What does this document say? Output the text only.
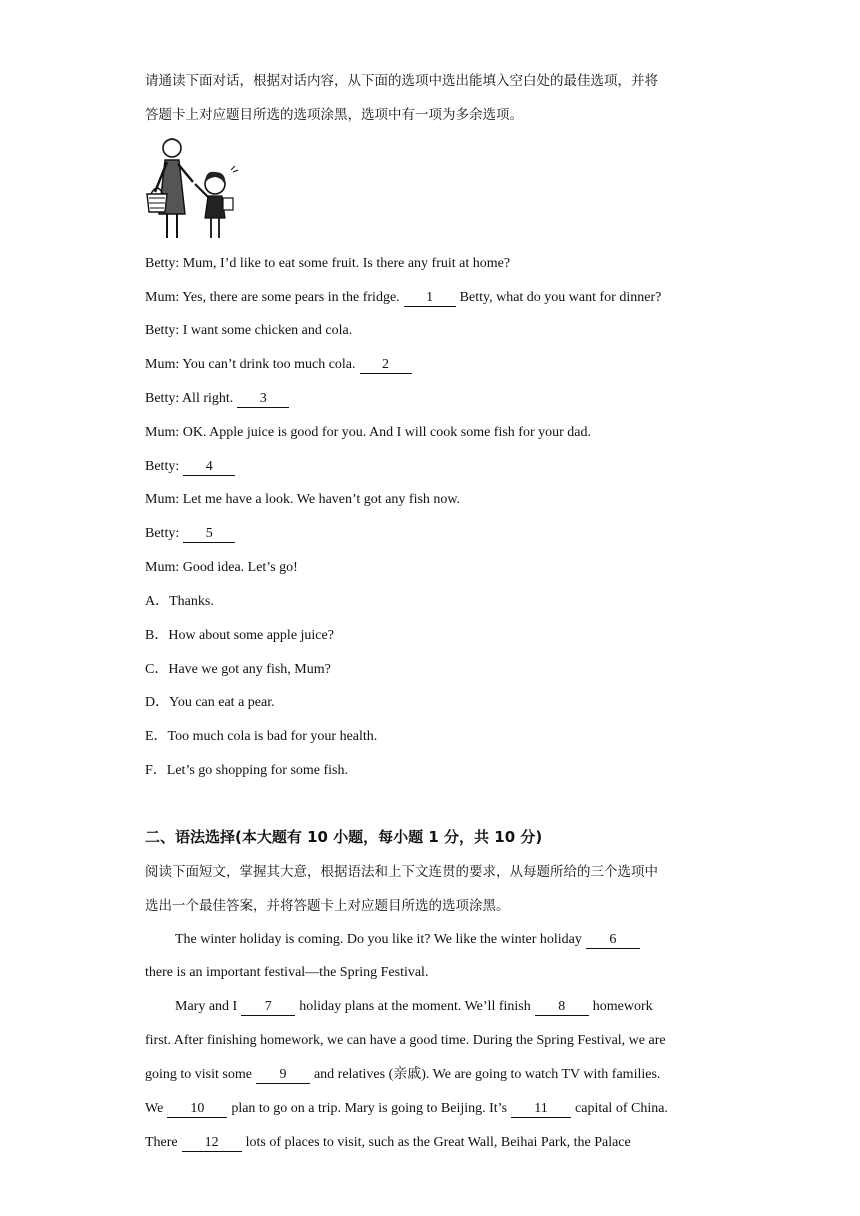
请通读下面对话，根据对话内容，从下面的选项中选出能填入空白处的最佳选项，并将
答题卡上对应题目所选的选项涂黑，选项中有一项为多余选项。
Betty: Mum, I’d like to eat some fruit. Is there any fruit at home?
Mum: Yes, there are some pears in the fridge. 1 Betty, what do you want for dinner?
Betty: I want some chicken and cola.
Mum: You can’t drink too much cola. 2
Betty: All right. 3
Mum: OK. Apple juice is good for you. And I will cook some fish for your dad.
Betty: 4
Mum: Let me have a look. We haven’t got any fish now.
Betty: 5
Mum: Good idea. Let’s go!
A．Thanks.
B．How about some apple juice?
C．Have we got any fish, Mum?
D．You can eat a pear.
E．Too much cola is bad for your health.
F．Let’s go shopping for some fish.
二、语法选择(本大题有 10 小题，每小题 1 分，共 10 分)
阅读下面短文，掌握其大意，根据语法和上下文连贯的要求，从每题所给的三个选项中
选出一个最佳答案，并将答题卡上对应题目所选的选项涂黑。
The winter holiday is coming. Do you like it? We like the winter holiday 6
there is an important festival—the Spring Festival.
Mary and I 7 holiday plans at the moment. We’ll finish 8 homework
first. After finishing homework, we can have a good time. During the Spring Festival, we are
going to visit some 9 and relatives (亲戚). We are going to watch TV with families.
We 10 plan to go on a trip. Mary is going to Beijing. It’s 11 capital of China.
There 12 lots of places to visit, such as the Great Wall, Beihai Park, the Palace
